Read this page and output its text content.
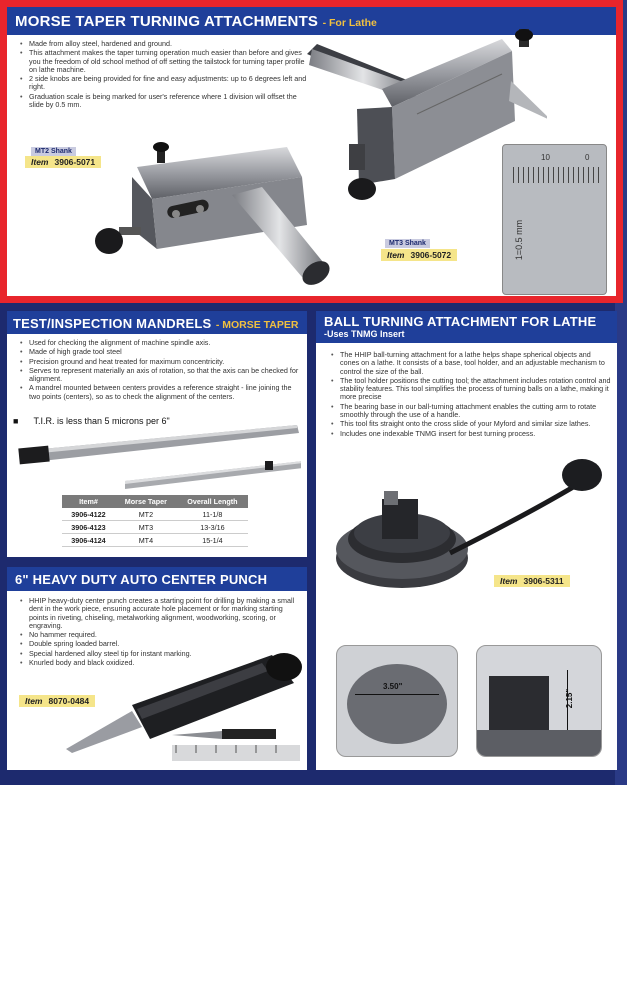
MORSE TAPER TURNING ATTACHMENTS - For Lathe
• Made from alloy steel, hardened and ground.
• This attachment makes the taper turning operation much easier than before and gives you the freedom of old school method of off setting the tailstock for turning taper profile on lathe machine.
• 2 side knobs are being provided for fine and easy adjustments: up to 6 degrees left and right.
• Graduation scale is being marked for user's reference where 1 division will offset the slide by 0.5 mm.
MT2 Shank
Item 3906-5071	10	0
1=0.5 mm
MT3 Shank
Item 3906-5072
TEST/INSPECTION MANDRELS - MORSE TAPER
• Used for checking the alignment of machine spindle axis.
• Made of high grade tool steel
• Precision ground and heat treated for maximum concentricity.
• Serves to represent materially an axis of rotation, so that the axis can be checked for alignment.
• A mandrel mounted between centers provides a reference straight - line joining the two points (centers), so as to check the alignment of the centers.
■      T.I.R. is less than 5 microns per 6"
Item#	Morse Taper	Overall Length
3906-4122	MT2	11-1/8
3906-4123	MT3	13-3/16
3906-4124	MT4	15-1/4
6" HEAVY DUTY AUTO CENTER PUNCH
• HHIP heavy-duty center punch creates a starting point for drilling by making a small dent in the work piece, ensuring accurate hole placement or for marking starting points in riveting, chiseling, metalworking alignment, woodworking, scoring, or engraving.
• No hammer required.
• Double spring loaded barrel.
• Special hardened alloy steel tip for instant marking.
• Knurled body and black oxidized.
Item 8070-0484
BALL TURNING ATTACHMENT FOR LATHE
-Uses TNMG Insert
• The HHIP ball-turning attachment for a lathe helps shape spherical objects and cones on a lathe. It consists of a base, tool holder, and an adjustable mechanism to control the size of the ball.
• The tool holder positions the cutting tool; the attachment includes rotation control and stability features. This tool simplifies the process of turning balls on a lathe, making it more precise
• The bearing base in our ball-turning attachment enables the cutting arm to rotate smoothly through the use of a handle.
• This tool fits straight onto the cross slide of your Myford and similar size lathes.
• Includes one indexable TNMG insert for best turning process.
Item 3906-5311
3.50"
2.15"
